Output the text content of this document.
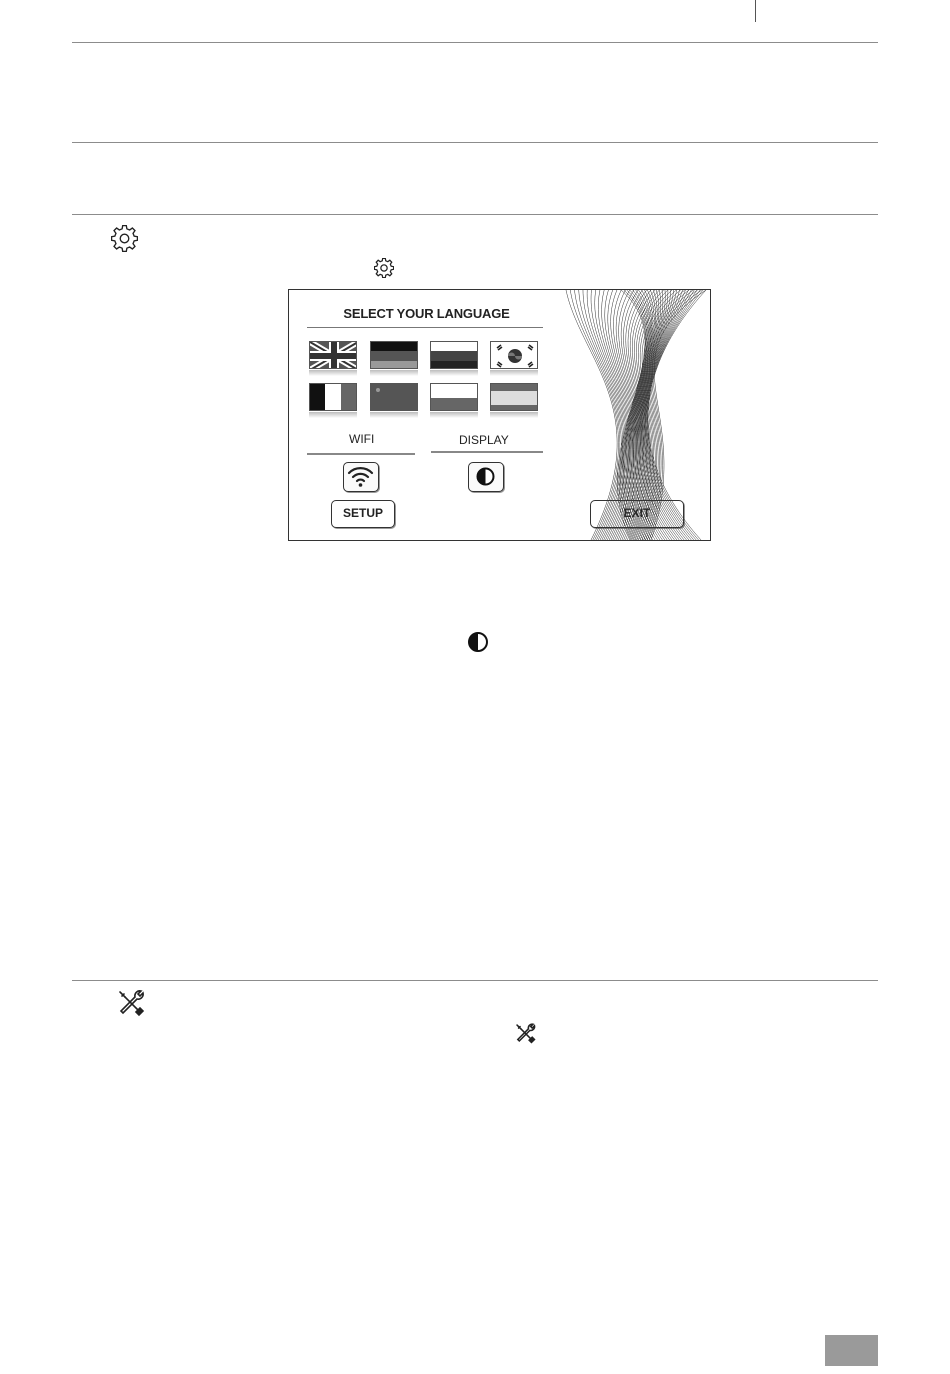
SELECT YOUR LANGUAGE
WIFI	DISPLAY
SETUP	EXIT
